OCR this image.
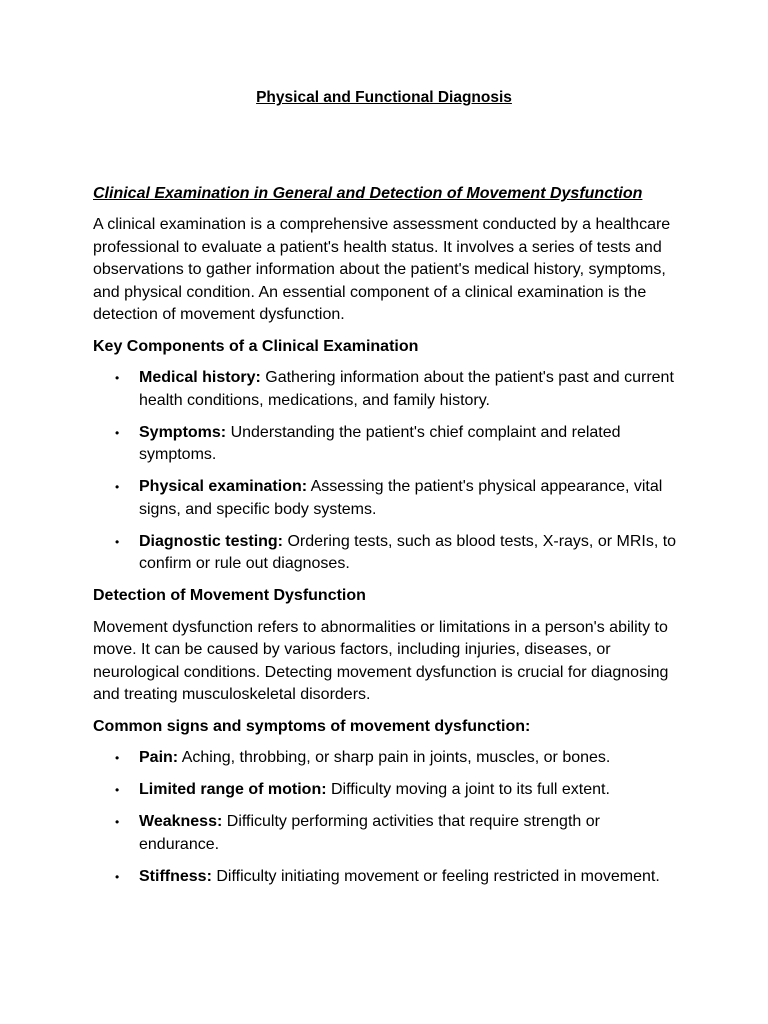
Physical and Functional Diagnosis
Clinical Examination in General and Detection of Movement Dysfunction

A clinical examination is a comprehensive assessment conducted by a healthcare professional to evaluate a patient's health status. It involves a series of tests and observations to gather information about the patient's medical history, symptoms, and physical condition. An essential component of a clinical examination is the detection of movement dysfunction.

Key Components of a Clinical Examination
• Medical history: Gathering information about the patient's past and current health conditions, medications, and family history.
• Symptoms: Understanding the patient's chief complaint and related symptoms.
• Physical examination: Assessing the patient's physical appearance, vital signs, and specific body systems.
• Diagnostic testing: Ordering tests, such as blood tests, X-rays, or MRIs, to confirm or rule out diagnoses.
Detection of Movement Dysfunction

Movement dysfunction refers to abnormalities or limitations in a person's ability to move. It can be caused by various factors, including injuries, diseases, or neurological conditions. Detecting movement dysfunction is crucial for diagnosing and treating musculoskeletal disorders.

Common signs and symptoms of movement dysfunction:
• Pain: Aching, throbbing, or sharp pain in joints, muscles, or bones.
• Limited range of motion: Difficulty moving a joint to its full extent.
• Weakness: Difficulty performing activities that require strength or endurance.
• Stiffness: Difficulty initiating movement or feeling restricted in movement.
